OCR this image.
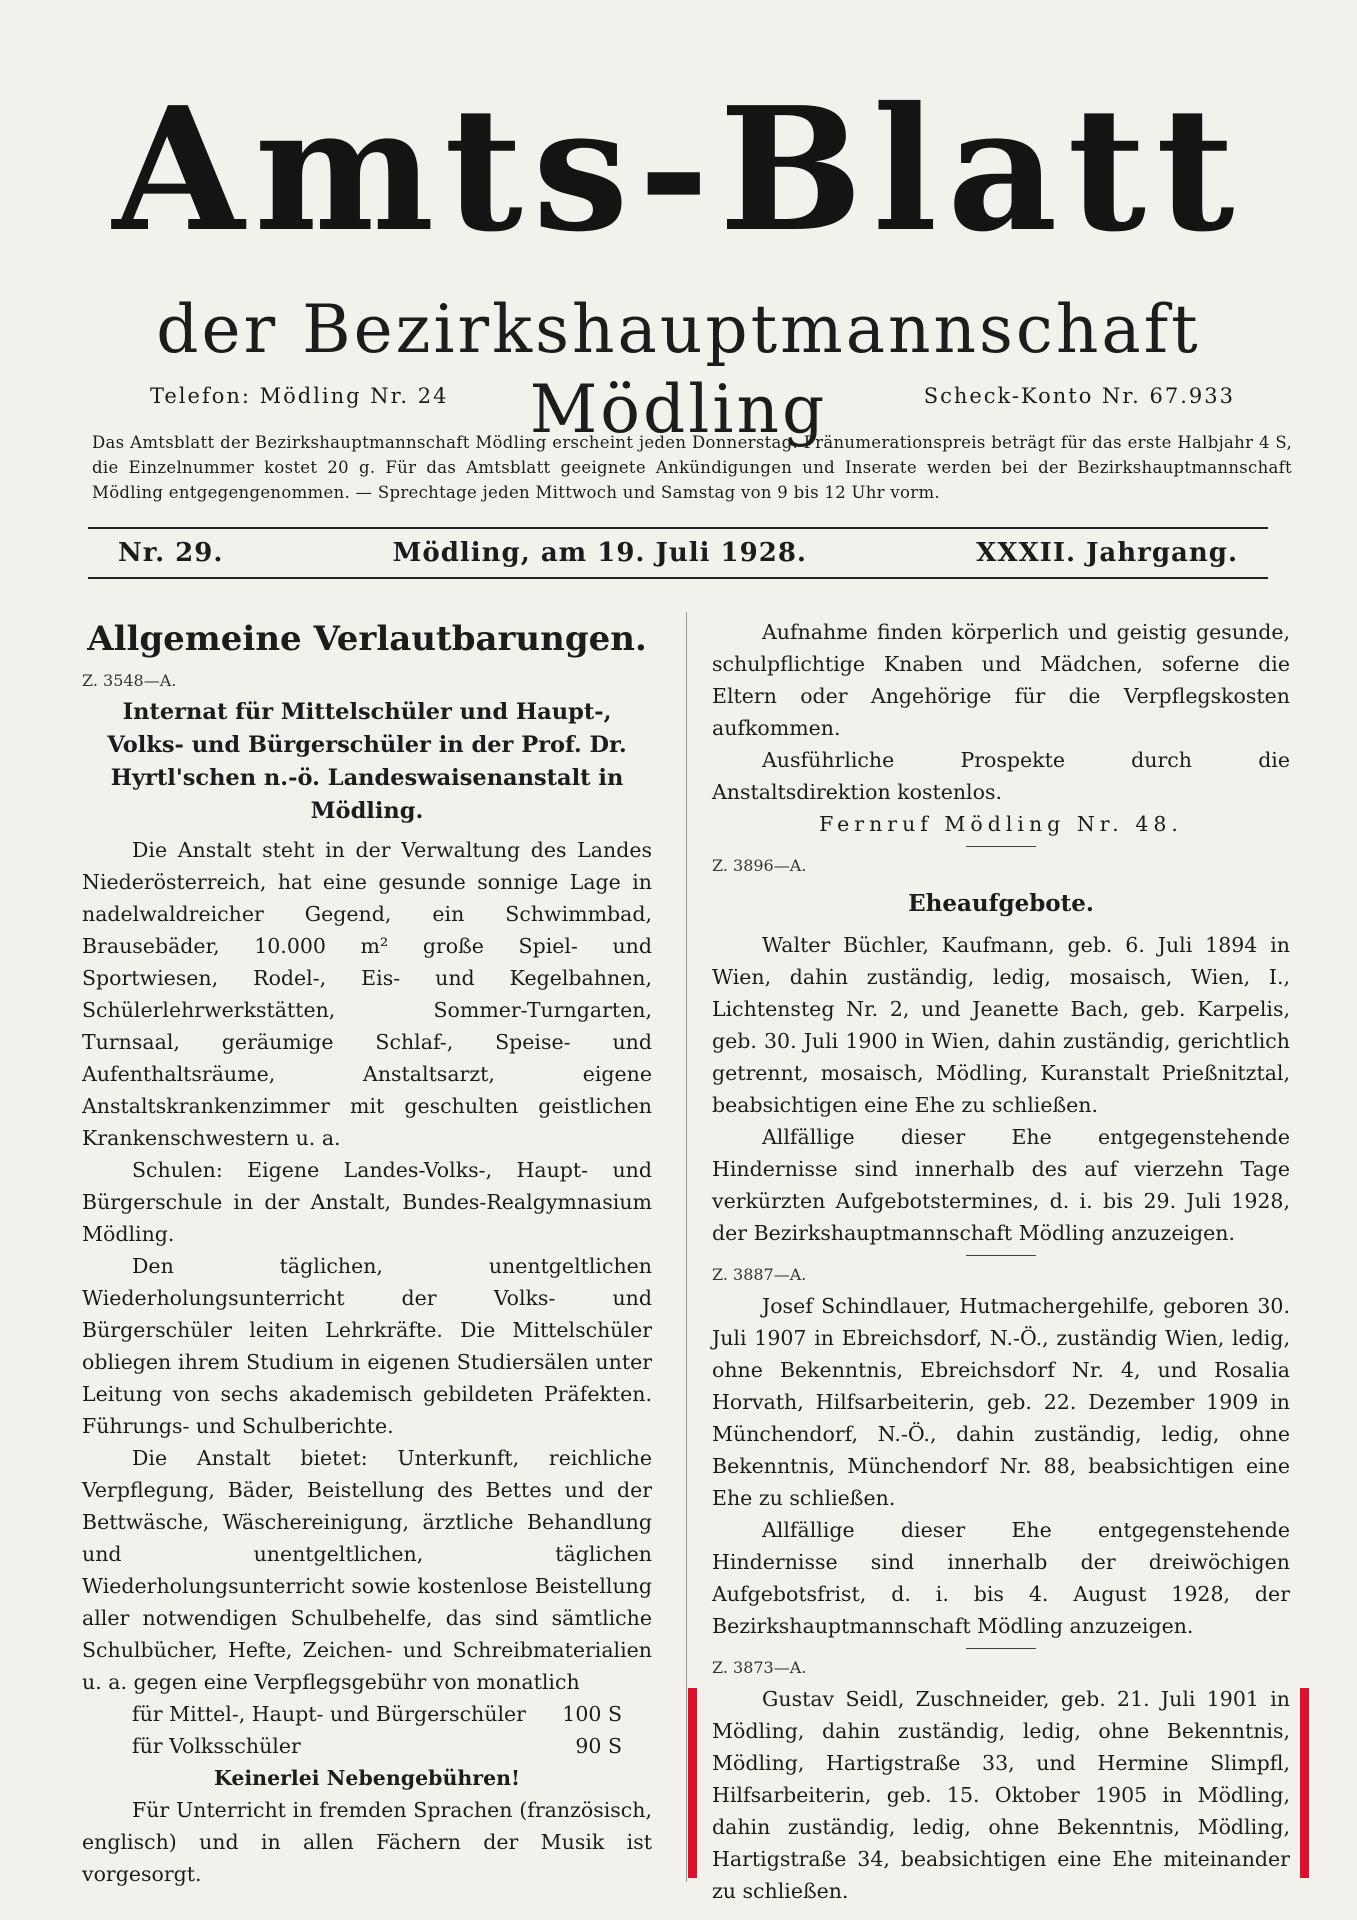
Amts-Blatt
der Bezirkshauptmannschaft Mödling
Telefon: Mödling Nr. 24	Scheck-Konto Nr. 67.933
Das Amtsblatt der Bezirkshauptmannschaft Mödling erscheint jeden Donnerstag. Pränumerationspreis beträgt für das erste Halbjahr 4 S, die Einzelnummer kostet 20 g. Für das Amtsblatt geeignete Ankündigungen und Inserate werden bei der Bezirkshauptmannschaft Mödling entgegengenommen. — Sprechtage jeden Mittwoch und Samstag von 9 bis 12 Uhr vorm.
Nr. 29.	Mödling, am 19. Juli 1928.	XXXII. Jahrgang.
Allgemeine Verlautbarungen.
Z. 3548—A.
Internat für Mittelschüler und Haupt-, Volks- und Bürgerschüler in der Prof. Dr. Hyrtl'schen n.-ö. Landeswaisenanstalt in Mödling.

Die Anstalt steht in der Verwaltung des Landes Niederösterreich, hat eine gesunde sonnige Lage in nadelwaldreicher Gegend, ein Schwimmbad, Brausebäder, 10.000 m² große Spiel- und Sportwiesen, Rodel-, Eis- und Kegelbahnen, Schülerlehrwerkstätten, Sommer-Turngarten, Turnsaal, geräumige Schlaf-, Speise- und Aufenthaltsräume, Anstaltsarzt, eigene Anstaltskrankenzimmer mit geschulten geistlichen Krankenschwestern u. a.

Schulen: Eigene Landes-Volks-, Haupt- und Bürgerschule in der Anstalt, Bundes-Realgymnasium Mödling.

Den täglichen, unentgeltlichen Wiederholungsunterricht der Volks- und Bürgerschüler leiten Lehrkräfte. Die Mittelschüler obliegen ihrem Studium in eigenen Studiersälen unter Leitung von sechs akademisch gebildeten Präfekten. Führungs- und Schulberichte.

Die Anstalt bietet: Unterkunft, reichliche Verpflegung, Bäder, Beistellung des Bettes und der Bettwäsche, Wäschereinigung, ärztliche Behandlung und unentgeltlichen, täglichen Wiederholungsunterricht sowie kostenlose Beistellung aller notwendigen Schulbehelfe, das sind sämtliche Schulbücher, Hefte, Zeichen- und Schreibmaterialien u. a. gegen eine Verpflegsgebühr von monatlich

für Mittel-, Haupt- und Bürgerschüler 100 S
für Volksschüler	90 S
Keinerlei Nebengebühren!

Für Unterricht in fremden Sprachen (französisch, englisch) und in allen Fächern der Musik ist vorgesorgt.

Aufnahme finden körperlich und geistig gesunde, schulpflichtige Knaben und Mädchen, soferne die Eltern oder Angehörige für die Verpflegskosten aufkommen.

Ausführliche Prospekte durch die Anstaltsdirektion kostenlos.

Fernruf Mödling Nr. 48.
Z. 3896—A.
Eheaufgebote.

Walter Büchler, Kaufmann, geb. 6. Juli 1894 in Wien, dahin zuständig, ledig, mosaisch, Wien, I., Lichtensteg Nr. 2, und Jeanette Bach, geb. Karpelis, geb. 30. Juli 1900 in Wien, dahin zuständig, gerichtlich getrennt, mosaisch, Mödling, Kuranstalt Prießnitztal, beabsichtigen eine Ehe zu schließen.

Allfällige dieser Ehe entgegenstehende Hindernisse sind innerhalb des auf vierzehn Tage verkürzten Aufgebotstermines, d. i. bis 29. Juli 1928, der Bezirkshauptmannschaft Mödling anzuzeigen.

Z. 3887—A.

Josef Schindlauer, Hutmachergehilfe, geboren 30. Juli 1907 in Ebreichsdorf, N.-Ö., zuständig Wien, ledig, ohne Bekenntnis, Ebreichsdorf Nr. 4, und Rosalia Horvath, Hilfsarbeiterin, geb. 22. Dezember 1909 in Münchendorf, N.-Ö., dahin zuständig, ledig, ohne Bekenntnis, Münchendorf Nr. 88, beabsichtigen eine Ehe zu schließen.

Allfällige dieser Ehe entgegenstehende Hindernisse sind innerhalb der dreiwöchigen Aufgebotsfrist, d. i. bis 4. August 1928, der Bezirkshauptmannschaft Mödling anzuzeigen.

Z. 3873—A.

Gustav Seidl, Zuschneider, geb. 21. Juli 1901 in Mödling, dahin zuständig, ledig, ohne Bekenntnis, Mödling, Hartigstraße 33, und Hermine Slimpfl, Hilfsarbeiterin, geb. 15. Oktober 1905 in Mödling, dahin zuständig, ledig, ohne Bekenntnis, Mödling, Hartigstraße 34, beabsichtigen eine Ehe miteinander zu schließen.
